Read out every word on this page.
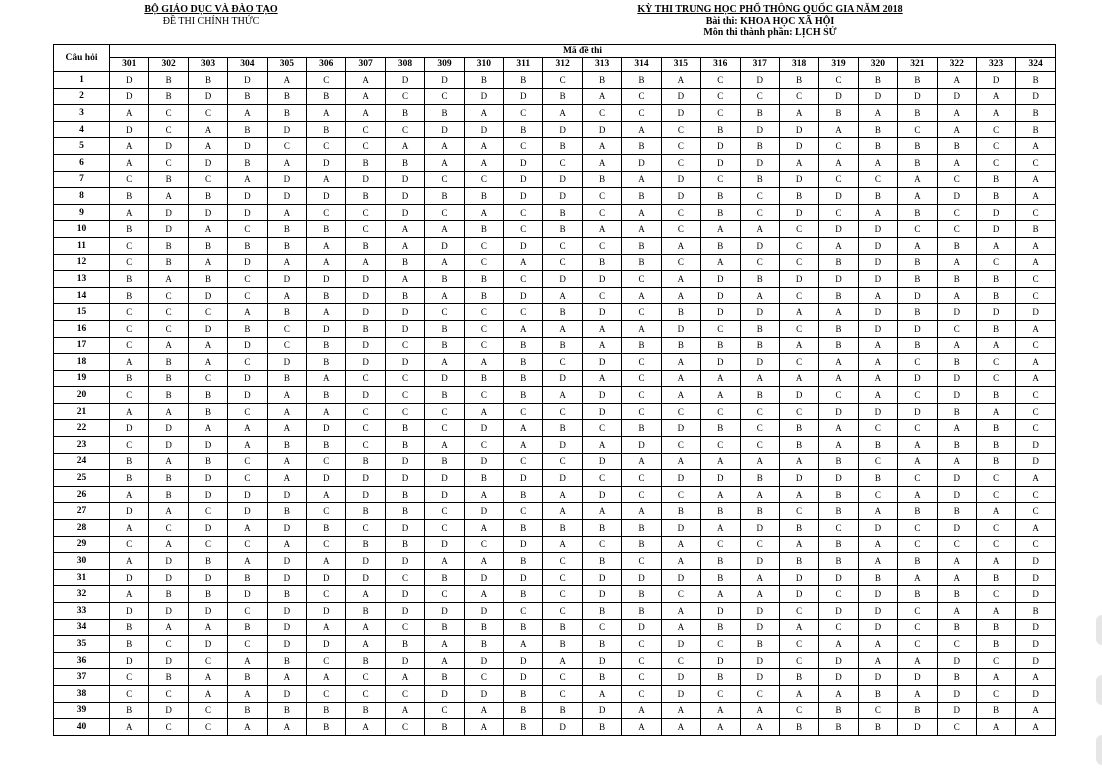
BỘ GIÁO DỤC VÀ ĐÀO TẠO
ĐỀ THI CHÍNH THỨC
KỲ THI TRUNG HỌC PHỔ THÔNG QUỐC GIA NĂM 2018
Bài thi: KHOA HỌC XÃ HỘI
Môn thi thành phần: LỊCH SỬ
Câu hỏi	Mã đề thi																							
	301	302	303	304	305	306	307	308	309	310	311	312	313	314	315	316	317	318	319	320	321	322	323	324
1	D	B	B	D	A	C	A	D	D	B	B	C	B	B	A	C	D	B	C	B	B	A	D	B
2	D	B	D	B	B	B	A	C	C	D	D	B	A	C	D	C	C	C	D	D	D	D	A	D
3	A	C	C	A	B	A	A	B	B	A	C	A	C	C	D	C	B	A	B	A	B	A	A	B
4	D	C	A	B	D	B	C	C	D	D	B	D	D	A	C	B	D	D	A	B	C	A	C	B
5	A	D	A	D	C	C	C	A	A	A	C	B	A	B	C	D	B	D	C	B	B	B	C	A
6	A	C	D	B	A	D	B	B	A	A	D	C	A	D	C	D	D	A	A	A	B	A	C	C
7	C	B	C	A	D	A	D	D	C	C	D	D	B	A	D	C	B	D	C	C	A	C	B	A
8	B	A	B	D	D	D	B	D	B	B	D	D	C	B	D	B	C	B	D	B	A	D	B	A
9	A	D	D	D	A	C	C	D	C	A	C	B	C	A	C	B	C	D	C	A	B	C	D	C
10	B	D	A	C	B	B	C	A	A	B	C	B	A	A	C	A	A	C	D	D	C	C	D	B
11	C	B	B	B	B	A	B	A	D	C	D	C	C	B	A	B	D	C	A	D	A	B	A	A
12	C	B	A	D	A	A	A	B	A	C	A	C	B	B	C	A	C	C	B	D	B	A	C	A
13	B	A	B	C	D	D	D	A	B	B	C	D	D	C	A	D	B	D	D	D	B	B	B	C
14	B	C	D	C	A	B	D	B	A	B	D	A	C	A	A	D	A	C	B	A	D	A	B	C
15	C	C	C	A	B	A	D	D	C	C	C	B	D	C	B	D	D	A	A	D	B	D	D	D
16	C	C	D	B	C	D	B	D	B	C	A	A	A	A	D	C	B	C	B	D	D	C	B	A
17	C	A	A	D	C	B	D	C	B	C	B	B	A	B	B	B	B	A	B	A	B	A	A	C
18	A	B	A	C	D	B	D	D	A	A	B	C	D	C	A	D	D	C	A	A	C	B	C	A
19	B	B	C	D	B	A	C	C	D	B	B	D	A	C	A	A	A	A	A	A	D	D	C	A
20	C	B	B	D	A	B	D	C	B	C	B	A	D	C	A	A	B	D	C	A	C	D	B	C
21	A	A	B	C	A	A	C	C	C	A	C	C	D	C	C	C	C	C	D	D	D	B	A	C
22	D	D	A	A	A	D	C	B	C	D	A	B	C	B	D	B	C	B	A	C	C	A	B	C
23	C	D	D	A	B	B	C	B	A	C	A	D	A	D	C	C	C	B	A	B	A	B	B	D
24	B	A	B	C	A	C	B	D	B	D	C	C	D	A	A	A	A	A	B	C	A	A	B	D
25	B	B	D	C	A	D	D	D	D	B	D	D	C	C	D	D	B	D	D	B	C	D	C	A
26	A	B	D	D	D	A	D	B	D	A	B	A	D	C	C	A	A	A	B	C	A	D	C	C
27	D	A	C	D	B	C	B	B	C	D	C	A	A	A	B	B	B	C	B	A	B	B	A	C
28	A	C	D	A	D	B	C	D	C	A	B	B	B	B	D	A	D	B	C	D	C	D	C	A
29	C	A	C	C	A	C	B	B	D	C	D	A	C	B	A	C	C	A	B	A	C	C	C	C
30	A	D	B	A	D	A	D	D	A	A	B	C	B	C	A	B	D	B	B	A	B	A	A	D
31	D	D	D	B	D	D	D	C	B	D	D	C	D	D	D	B	A	D	D	B	A	A	B	D
32	A	B	B	D	B	C	A	D	C	A	B	C	D	B	C	A	A	D	C	D	B	B	C	D
33	D	D	D	C	D	D	B	D	D	D	C	C	B	B	A	D	D	C	D	D	C	A	A	B
34	B	A	A	B	D	A	A	C	B	B	B	B	C	D	A	B	D	A	C	D	C	B	B	D
35	B	C	D	C	D	D	A	B	A	B	A	B	B	C	D	C	B	C	A	A	C	C	B	D
36	D	D	C	A	B	C	B	D	A	D	D	A	D	C	C	D	D	C	D	A	A	D	C	D
37	C	B	A	B	A	A	C	A	B	C	D	C	B	C	D	B	D	B	D	D	D	B	A	A
38	C	C	A	A	D	C	C	C	D	D	B	C	A	C	D	C	C	A	A	B	A	D	C	D
39	B	D	C	B	B	B	B	A	C	A	B	B	D	A	A	A	A	C	B	C	B	D	B	A
40	A	C	C	A	A	B	A	C	B	A	B	D	B	A	A	A	A	B	B	B	D	C	A	A
